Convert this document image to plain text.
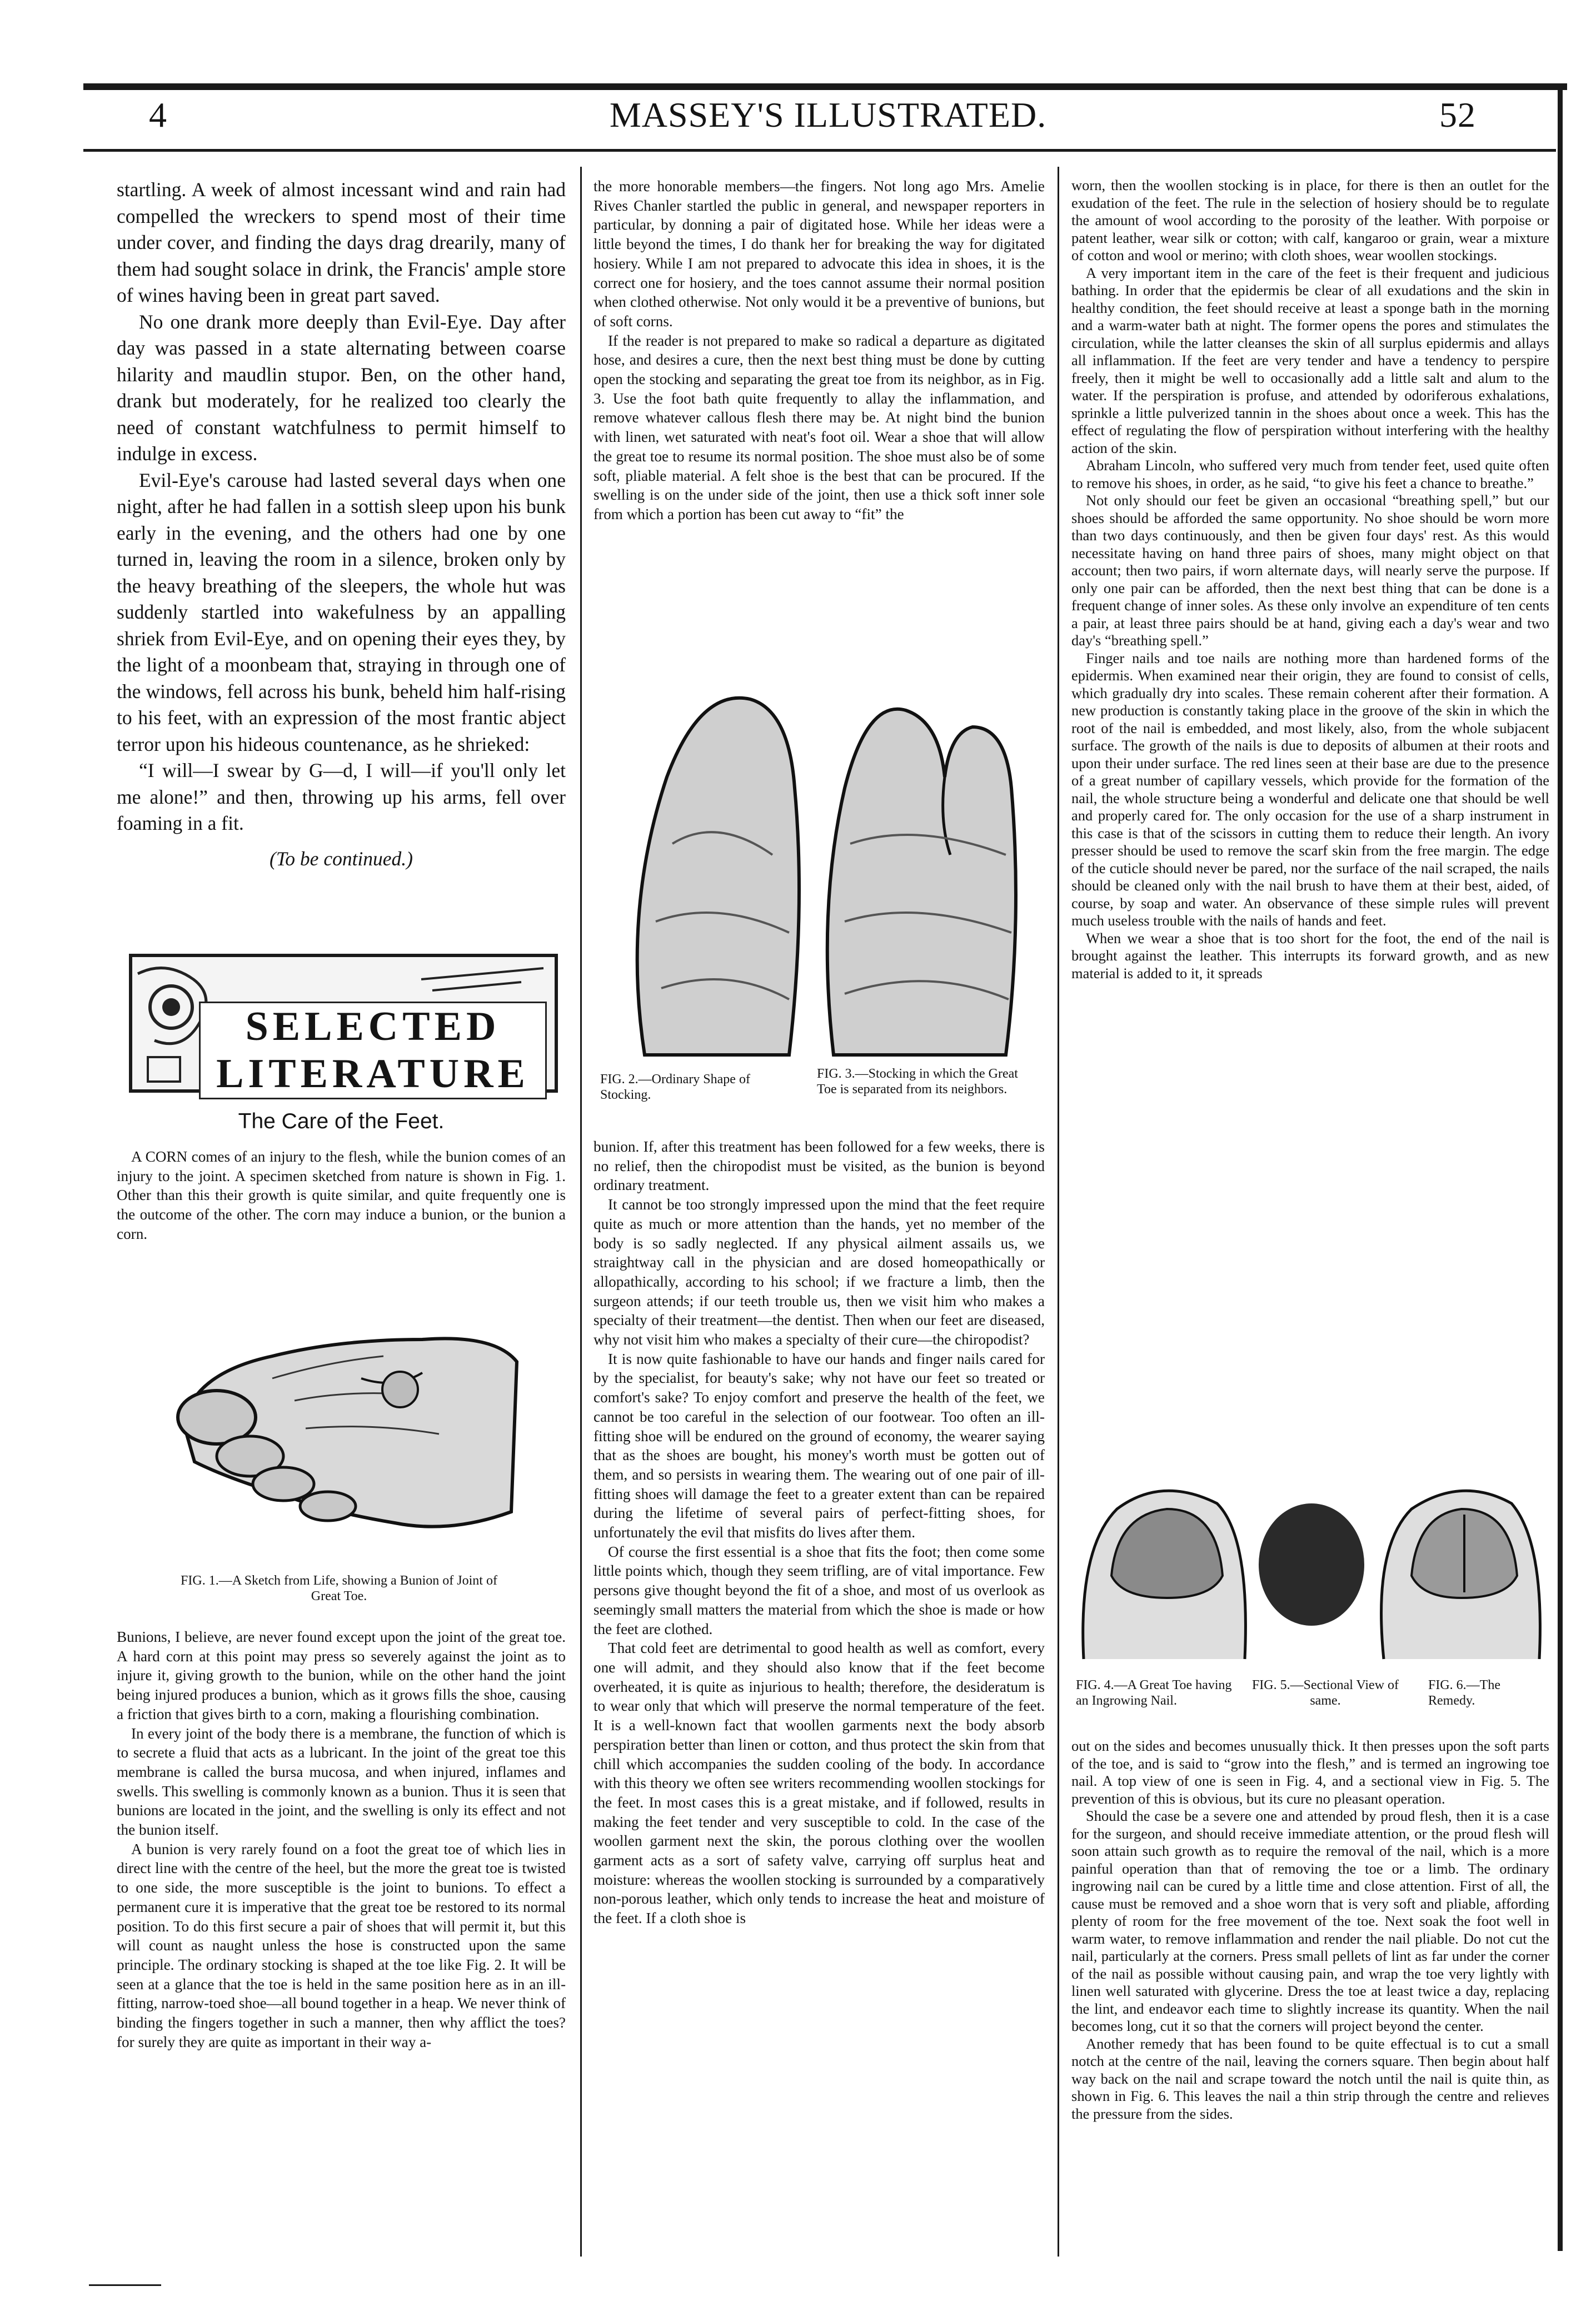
4	MASSEY'S ILLUSTRATED.	52

startling. A week of almost incessant wind and rain had compelled the wreckers to spend most of their time under cover, and finding the days drag drearily, many of them had sought solace in drink, the Francis' ample store of wines having been in great part saved.

No one drank more deeply than Evil-Eye. Day after day was passed in a state alternating between coarse hilarity and maudlin stupor. Ben, on the other hand, drank but moderately, for he realized too clearly the need of constant watchfulness to permit himself to indulge in excess.

Evil-Eye's carouse had lasted several days when one night, after he had fallen in a sottish sleep upon his bunk early in the evening, and the others had one by one turned in, leaving the room in a silence, broken only by the heavy breathing of the sleepers, the whole hut was suddenly startled into wakefulness by an appalling shriek from Evil-Eye, and on opening their eyes they, by the light of a moonbeam that, straying in through one of the windows, fell across his bunk, beheld him half-rising to his feet, with an expression of the most frantic abject terror upon his hideous countenance, as he shrieked:

“I will—I swear by G—d, I will—if you'll only let me alone!” and then, throwing up his arms, fell over foaming in a fit.

(To be continued.)
SELECTED LITERATURE
The Care of the Feet.

A CORN comes of an injury to the flesh, while the bunion comes of an injury to the joint. A specimen sketched from nature is shown in Fig. 1. Other than this their growth is quite similar, and quite frequently one is the outcome of the other. The corn may induce a bunion, or the bunion a corn.

FIG. 1.—A Sketch from Life, showing a Bunion of Joint of Great Toe.

Bunions, I believe, are never found except upon the joint of the great toe. A hard corn at this point may press so severely against the joint as to injure it, giving growth to the bunion, while on the other hand the joint being injured produces a bunion, which as it grows fills the shoe, causing a friction that gives birth to a corn, making a flourishing combination.

In every joint of the body there is a membrane, the function of which is to secrete a fluid that acts as a lubricant. In the joint of the great toe this membrane is called the bursa mucosa, and when injured, inflames and swells. This swelling is commonly known as a bunion. Thus it is seen that bunions are located in the joint, and the swelling is only its effect and not the bunion itself.

A bunion is very rarely found on a foot the great toe of which lies in direct line with the centre of the heel, but the more the great toe is twisted to one side, the more susceptible is the joint to bunions. To effect a permanent cure it is imperative that the great toe be restored to its normal position. To do this first secure a pair of shoes that will permit it, but this will count as naught unless the hose is constructed upon the same principle. The ordinary stocking is shaped at the toe like Fig. 2. It will be seen at a glance that the toe is held in the same position here as in an ill-fitting, narrow-toed shoe—all bound together in a heap. We never think of binding the fingers together in such a manner, then why afflict the toes? for surely they are quite as important in their way a-

the more honorable members—the fingers. Not long ago Mrs. Amelie Rives Chanler startled the public in general, and newspaper reporters in particular, by donning a pair of digitated hose. While her ideas were a little beyond the times, I do thank her for breaking the way for digitated hosiery. While I am not prepared to advocate this idea in shoes, it is the correct one for hosiery, and the toes cannot assume their normal position when clothed otherwise. Not only would it be a preventive of bunions, but of soft corns.

If the reader is not prepared to make so radical a departure as digitated hose, and desires a cure, then the next best thing must be done by cutting open the stocking and separating the great toe from its neighbor, as in Fig. 3. Use the foot bath quite frequently to allay the inflammation, and remove whatever callous flesh there may be. At night bind the bunion with linen, wet saturated with neat's foot oil. Wear a shoe that will allow the great toe to resume its normal position. The shoe must also be of some soft, pliable material. A felt shoe is the best that can be procured. If the swelling is on the under side of the joint, then use a thick soft inner sole from which a portion has been cut away to “fit” the

FIG. 2.—Ordinary Shape of Stocking.
FIG. 3.—Stocking in which the Great Toe is separated from its neighbors.

bunion. If, after this treatment has been followed for a few weeks, there is no relief, then the chiropodist must be visited, as the bunion is beyond ordinary treatment.

It cannot be too strongly impressed upon the mind that the feet require quite as much or more attention than the hands, yet no member of the body is so sadly neglected. If any physical ailment assails us, we straightway call in the physician and are dosed homeopathically or allopathically, according to his school; if we fracture a limb, then the surgeon attends; if our teeth trouble us, then we visit him who makes a specialty of their treatment—the dentist. Then when our feet are diseased, why not visit him who makes a specialty of their cure—the chiropodist?

It is now quite fashionable to have our hands and finger nails cared for by the specialist, for beauty's sake; why not have our feet so treated or comfort's sake? To enjoy comfort and preserve the health of the feet, we cannot be too careful in the selection of our footwear. Too often an ill-fitting shoe will be endured on the ground of economy, the wearer saying that as the shoes are bought, his money's worth must be gotten out of them, and so persists in wearing them. The wearing out of one pair of ill-fitting shoes will damage the feet to a greater extent than can be repaired during the lifetime of several pairs of perfect-fitting shoes, for unfortunately the evil that misfits do lives after them.

Of course the first essential is a shoe that fits the foot; then come some little points which, though they seem trifling, are of vital importance. Few persons give thought beyond the fit of a shoe, and most of us overlook as seemingly small matters the material from which the shoe is made or how the feet are clothed.

That cold feet are detrimental to good health as well as comfort, every one will admit, and they should also know that if the feet become overheated, it is quite as injurious to health; therefore, the desideratum is to wear only that which will preserve the normal temperature of the feet. It is a well-known fact that woollen garments next the body absorb perspiration better than linen or cotton, and thus protect the skin from that chill which accompanies the sudden cooling of the body. In accordance with this theory we often see writers recommending woollen stockings for the feet. In most cases this is a great mistake, and if followed, results in making the feet tender and very susceptible to cold. In the case of the woollen garment next the skin, the porous clothing over the woollen garment acts as a sort of safety valve, carrying off surplus heat and moisture: whereas the woollen stocking is surrounded by a comparatively non-porous leather, which only tends to increase the heat and moisture of the feet. If a cloth shoe is

worn, then the woollen stocking is in place, for there is then an outlet for the exudation of the feet. The rule in the selection of hosiery should be to regulate the amount of wool according to the porosity of the leather. With porpoise or patent leather, wear silk or cotton; with calf, kangaroo or grain, wear a mixture of cotton and wool or merino; with cloth shoes, wear woollen stockings.

A very important item in the care of the feet is their frequent and judicious bathing. In order that the epidermis be clear of all exudations and the skin in healthy condition, the feet should receive at least a sponge bath in the morning and a warm-water bath at night. The former opens the pores and stimulates the circulation, while the latter cleanses the skin of all surplus epidermis and allays all inflammation. If the feet are very tender and have a tendency to perspire freely, then it might be well to occasionally add a little salt and alum to the water. If the perspiration is profuse, and attended by odoriferous exhalations, sprinkle a little pulverized tannin in the shoes about once a week. This has the effect of regulating the flow of perspiration without interfering with the healthy action of the skin.

Abraham Lincoln, who suffered very much from tender feet, used quite often to remove his shoes, in order, as he said, “to give his feet a chance to breathe.”

Not only should our feet be given an occasional “breathing spell,” but our shoes should be afforded the same opportunity. No shoe should be worn more than two days continuously, and then be given four days' rest. As this would necessitate having on hand three pairs of shoes, many might object on that account; then two pairs, if worn alternate days, will nearly serve the purpose. If only one pair can be afforded, then the next best thing that can be done is a frequent change of inner soles. As these only involve an expenditure of ten cents a pair, at least three pairs should be at hand, giving each a day's wear and two day's “breathing spell.”

Finger nails and toe nails are nothing more than hardened forms of the epidermis. When examined near their origin, they are found to consist of cells, which gradually dry into scales. These remain coherent after their formation. A new production is constantly taking place in the groove of the skin in which the root of the nail is embedded, and most likely, also, from the whole subjacent surface. The growth of the nails is due to deposits of albumen at their roots and upon their under surface. The red lines seen at their base are due to the presence of a great number of capillary vessels, which provide for the formation of the nail, the whole structure being a wonderful and delicate one that should be well and properly cared for. The only occasion for the use of a sharp instrument in this case is that of the scissors in cutting them to reduce their length. An ivory presser should be used to remove the scarf skin from the free margin. The edge of the cuticle should never be pared, nor the surface of the nail scraped, the nails should be cleaned only with the nail brush to have them at their best, aided, of course, by soap and water. An observance of these simple rules will prevent much useless trouble with the nails of hands and feet.

When we wear a shoe that is too short for the foot, the end of the nail is brought against the leather. This interrupts its forward growth, and as new material is added to it, it spreads

FIG. 4.—A Great Toe having an Ingrowing Nail.
FIG. 5.—Sectional View of same.
FIG. 6.—The Remedy.

out on the sides and becomes unusually thick. It then presses upon the soft parts of the toe, and is said to “grow into the flesh,” and is termed an ingrowing toe nail. A top view of one is seen in Fig. 4, and a sectional view in Fig. 5. The prevention of this is obvious, but its cure no pleasant operation.

Should the case be a severe one and attended by proud flesh, then it is a case for the surgeon, and should receive immediate attention, or the proud flesh will soon attain such growth as to require the removal of the nail, which is a more painful operation than that of removing the toe or a limb. The ordinary ingrowing nail can be cured by a little time and close attention. First of all, the cause must be removed and a shoe worn that is very soft and pliable, affording plenty of room for the free movement of the toe. Next soak the foot well in warm water, to remove inflammation and render the nail pliable. Do not cut the nail, particularly at the corners. Press small pellets of lint as far under the corner of the nail as possible without causing pain, and wrap the toe very lightly with linen well saturated with glycerine. Dress the toe at least twice a day, replacing the lint, and endeavor each time to slightly increase its quantity. When the nail becomes long, cut it so that the corners will project beyond the center.

Another remedy that has been found to be quite effectual is to cut a small notch at the centre of the nail, leaving the corners square. Then begin about half way back on the nail and scrape toward the notch until the nail is quite thin, as shown in Fig. 6. This leaves the nail a thin strip through the centre and relieves the pressure from the sides.
